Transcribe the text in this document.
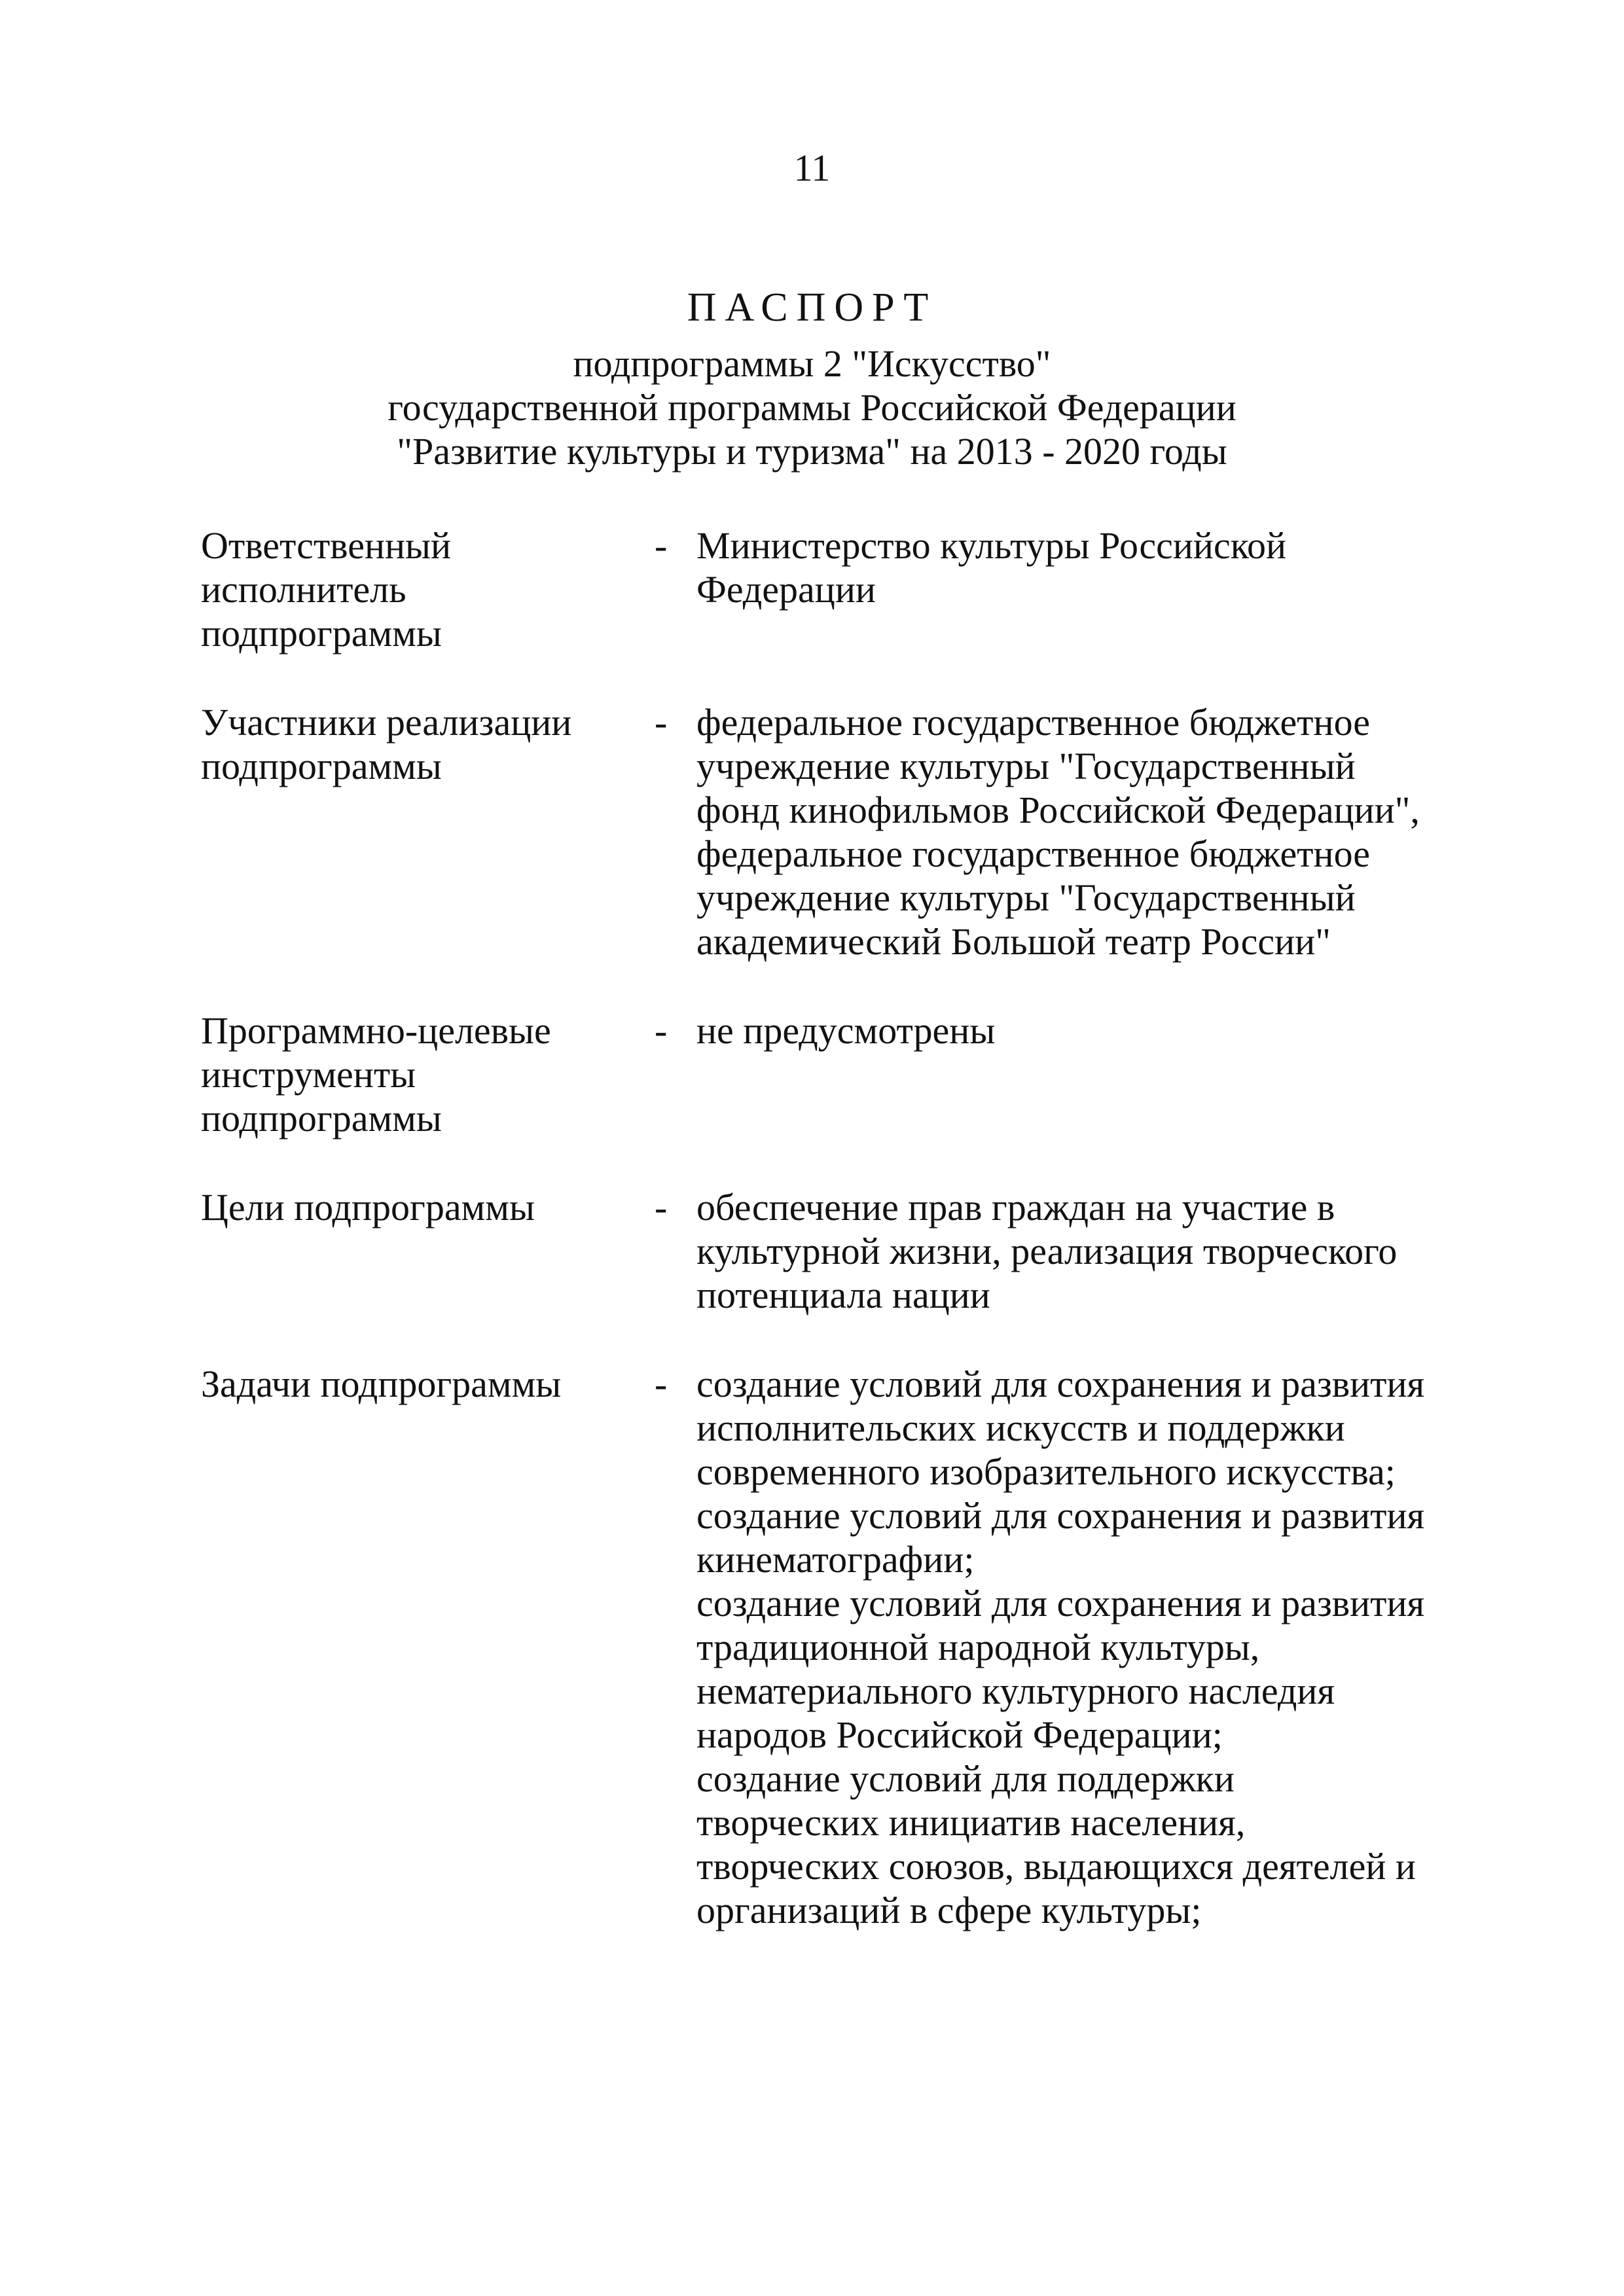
11
ПАСПОРТ
подпрограммы 2 "Искусство"
государственной программы Российской Федерации
"Развитие культуры и туризма" на 2013 - 2020 годы
Ответственный
исполнитель
подпрограммы
- Министерство культуры Российской
Федерации
Участники реализации
подпрограммы
- федеральное государственное бюджетное
учреждение культуры "Государственный
фонд кинофильмов Российской Федерации",
федеральное государственное бюджетное
учреждение культуры "Государственный
академический Большой театр России"
Программно-целевые
инструменты
подпрограммы
- не предусмотрены
Цели подпрограммы	- обеспечение прав граждан на участие в
культурной жизни, реализация творческого
потенциала нации
Задачи подпрограммы	- создание условий для сохранения и развития
исполнительских искусств и поддержки
современного изобразительного искусства;
создание условий для сохранения и развития
кинематографии;
создание условий для сохранения и развития
традиционной народной культуры,
нематериального культурного наследия
народов Российской Федерации;
создание условий для поддержки
творческих инициатив населения,
творческих союзов, выдающихся деятелей и
организаций в сфере культуры;
